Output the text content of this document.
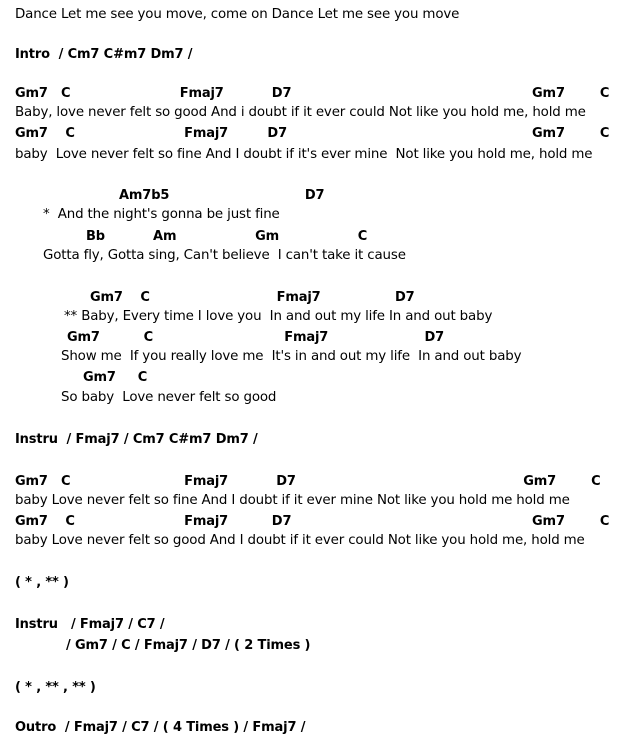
Dance Let me see you move, come on Dance Let me see you move
Intro  / Cm7 C#m7 Dm7 /
Gm7   C                         Fmaj7           D7                                                       Gm7        C
Baby, love never felt so good And i doubt if it ever could Not like you hold me, hold me
Gm7    C                         Fmaj7         D7                                                        Gm7        C
baby  Love never felt so fine And I doubt if it's ever mine  Not like you hold me, hold me
Am7b5                               D7
*  And the night's gonna be just fine
Bb           Am                  Gm                  C
Gotta fly, Gotta sing, Can't believe  I can't take it cause
Gm7    C                             Fmaj7                 D7
** Baby, Every time I love you  In and out my life In and out baby
Gm7          C                              Fmaj7                      D7
Show me  If you really love me  It's in and out my life  In and out baby
Gm7     C
So baby  Love never felt so good
Instru  / Fmaj7 / Cm7 C#m7 Dm7 /
Gm7   C                          Fmaj7           D7                                                    Gm7        C
baby Love never felt so fine And I doubt if it ever mine Not like you hold me hold me
Gm7    C                         Fmaj7          D7                                                       Gm7        C
baby Love never felt so good And I doubt if it ever could Not like you hold me, hold me
( * , ** )
Instru   / Fmaj7 / C7 /
/ Gm7 / C / Fmaj7 / D7 / ( 2 Times )
( * , ** , ** )
Outro  / Fmaj7 / C7 / ( 4 Times ) / Fmaj7 /
